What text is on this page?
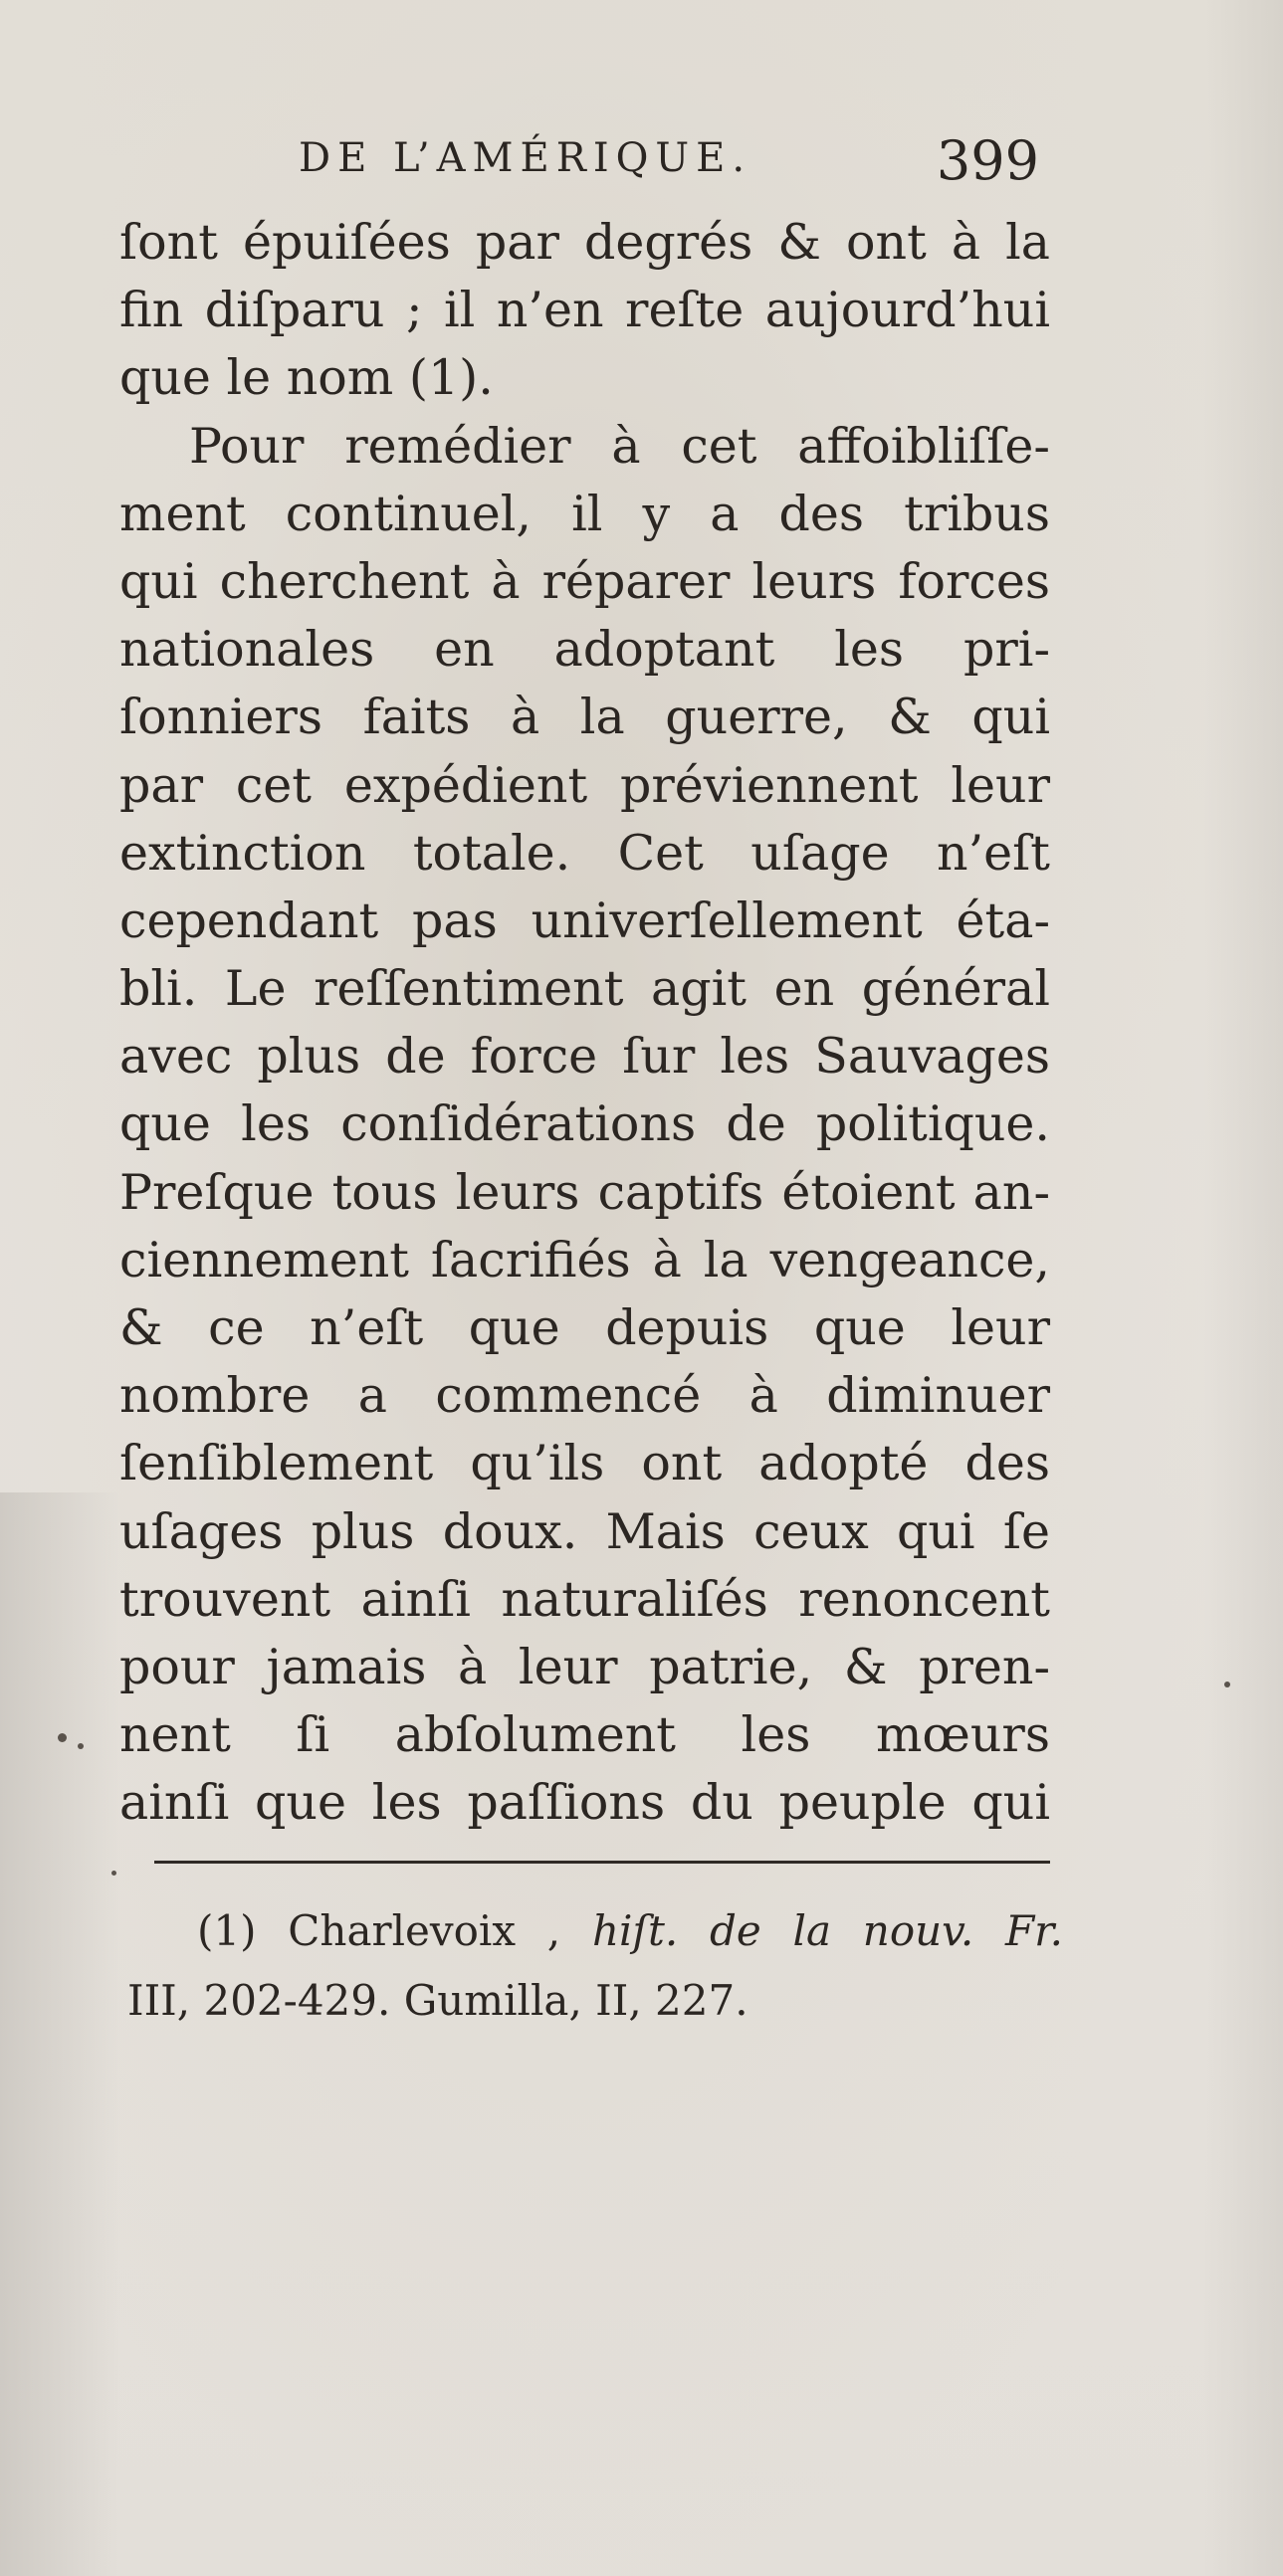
DE L’AMÉRIQUE.	399
ſont épuiſées par degrés & ont à la
fin diſparu ; il n’en reſte aujourd’hui
que le nom (1).
Pour remédier à cet affoibliſſe-
ment continuel, il y a des tribus
qui cherchent à réparer leurs forces
nationales en adoptant les pri-
ſonniers faits à la guerre, & qui
par cet expédient préviennent leur
extinction totale. Cet uſage n’eſt
cependant pas univerſellement éta-
bli. Le reſſentiment agit en général
avec plus de force ſur les Sauvages
que les conſidérations de politique.
Preſque tous leurs captifs étoient an-
ciennement ſacrifiés à la vengeance,
& ce n’eſt que depuis que leur
nombre a commencé à diminuer
ſenſiblement qu’ils ont adopté des
uſages plus doux. Mais ceux qui ſe
trouvent ainſi naturaliſés renoncent
pour jamais à leur patrie, & pren-
nent ſi abſolument les mœurs
ainſi que les paſſions du peuple qui
(1) Charlevoix , hiſt. de la nouv. Fr.
III, 202-429. Gumilla, II, 227.
